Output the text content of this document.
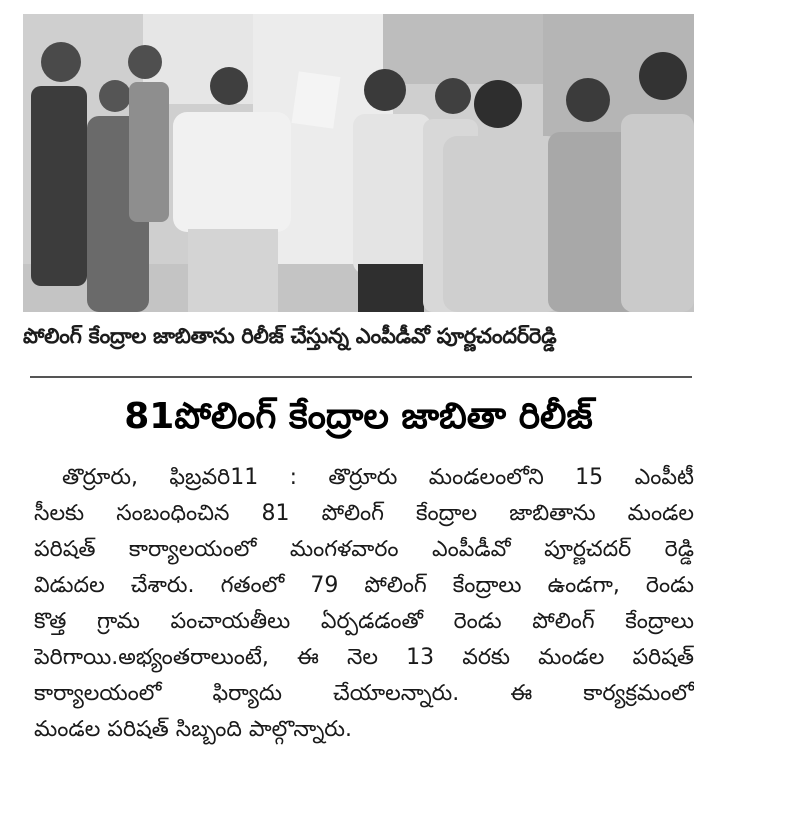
పోలింగ్ కేంద్రాల జాబితాను రిలీజ్ చేస్తున్న ఎంపీడీవో పూర్ణచందర్‌రెడ్డి
81పోలింగ్ కేంద్రాల జాబితా రిలీజ్
తొర్రూరు, ఫిబ్రవరి11 : తొర్రూరు మండలంలోని 15 ఎంపీటీ
సీలకు సంబంధించిన 81 పోలింగ్ కేంద్రాల జాబితాను మండల
పరిషత్ కార్యాలయంలో మంగళవారం ఎంపీడీవో పూర్ణచదర్ రెడ్డి
విడుదల చేశారు. గతంలో 79 పోలింగ్ కేంద్రాలు ఉండగా, రెండు
కొత్త గ్రామ పంచాయతీలు ఏర్పడడంతో రెండు పోలింగ్ కేంద్రాలు
పెరిగాయి.అభ్యంతరాలుంటే, ఈ నెల 13 వరకు మండల పరిషత్
కార్యాలయంలో ఫిర్యాదు చేయాలన్నారు. ఈ కార్యక్రమంలో
మండల పరిషత్ సిబ్బంది పాల్గొన్నారు.
